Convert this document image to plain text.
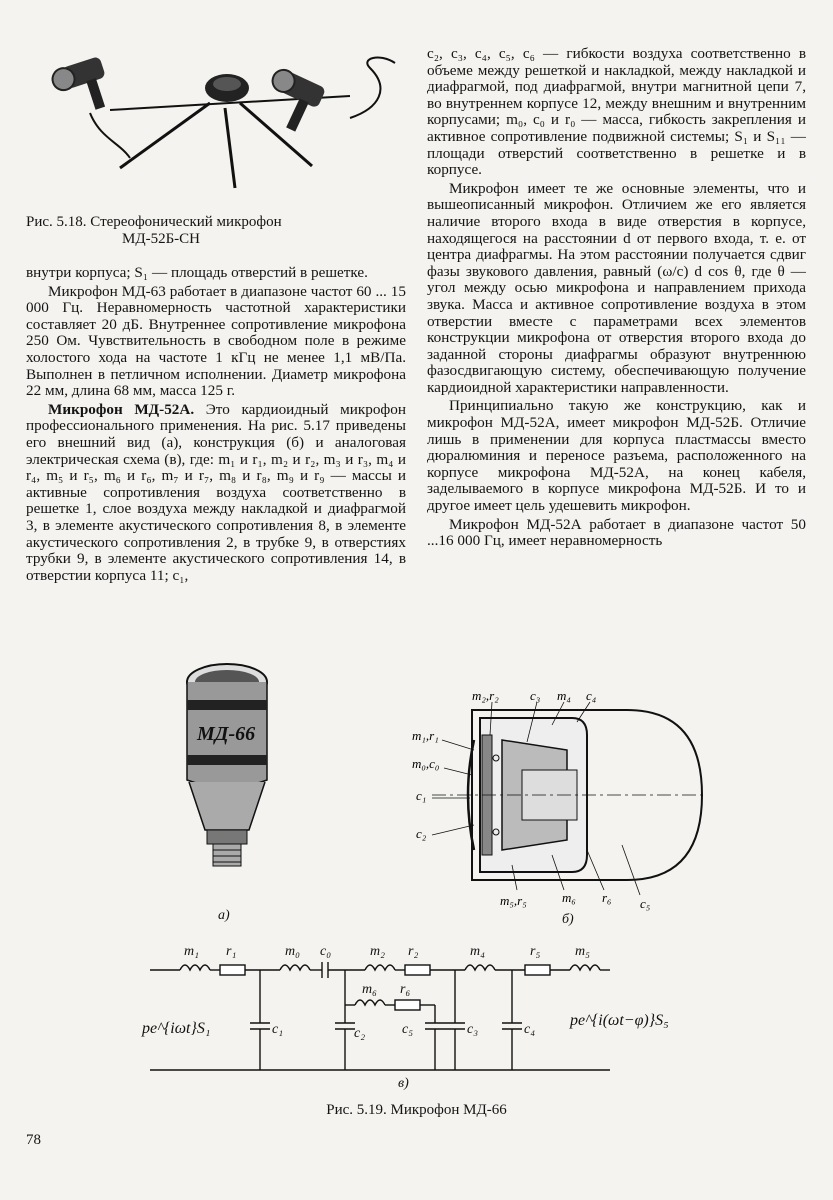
Рис. 5.18. Стереофонический микрофон
МД-52Б-СН

внутри корпуса; S₁ — площадь отверстий в решетке.

Микрофон МД-63 работает в диапазоне частот 60 ... 15 000 Гц. Неравномерность частотной характеристики составляет 20 дБ. Внутреннее сопротивление микрофона 250 Ом. Чувствительность в свободном поле в режиме холостого хода на частоте 1 кГц не менее 1,1 мВ/Па. Выполнен в петличном исполнении. Диаметр микрофона 22 мм, длина 68 мм, масса 125 г.

Микрофон МД-52А. Это кардиоидный микрофон профессионального применения. На рис. 5.17 приведены его внешний вид (а), конструкция (б) и аналоговая электрическая схема (в), где: m₁ и r₁, m₂ и r₂, m₃ и r₃, m₄ и r₄, m₅ и r₅, m₆ и r₆, m₇ и r₇, m₈ и r₈, m₉ и r₉ — массы и активные сопротивления воздуха соответственно в решетке 1, слое воздуха между накладкой и диафрагмой 3, в элементе акустического сопротивления 8, в элементе акустического сопротивления 2, в трубке 9, в отверстиях трубки 9, в элементе акустического сопротивления 14, в отверстии корпуса 11; c₁,

c₂, c₃, c₄, c₅, c₆ — гибкости воздуха соответственно в объеме между решеткой и накладкой, между накладкой и диафрагмой, под диафрагмой, внутри магнитной цепи 7, во внутреннем корпусе 12, между внешним и внутренним корпусами; m₀, c₀ и r₀ — масса, гибкость закрепления и активное сопротивление подвижной системы; S₁ и S₁₁ — площади отверстий соответственно в решетке и в корпусе.

Микрофон имеет те же основные элементы, что и вышеописанный микрофон. Отличием же его является наличие второго входа в виде отверстия в корпусе, находящегося на расстоянии d от первого входа, т. е. от центра диафрагмы. На этом расстоянии получается сдвиг фазы звукового давления, равный (ω/c) d cos θ, где θ — угол между осью микрофона и направлением прихода звука. Масса и активное сопротивление воздуха в этом отверстии вместе с параметрами всех элементов конструкции микрофона от отверстия второго входа до заданной стороны диафрагмы образуют внутреннюю фазосдвигающую систему, обеспечивающую получение кардиоидной характеристики направленности.

Принципиально такую же конструкцию, как и микрофон МД-52А, имеет микрофон МД-52Б. Отличие лишь в применении для корпуса пластмассы вместо дюралюминия и переносе разъема, расположенного на корпусе микрофона МД-52А, на конец кабеля, заделываемого в корпусе микрофона МД-52Б. И то и другое имеет цель удешевить микрофон.

Микрофон МД-52А работает в диапазоне частот 50 ...16 000 Гц, имеет неравномерность

МД-66
а)
m₂,r₂ c₃ m₄ c₄
m₁,r₁
m₀,c₀
c₁
c₂
m₅,r₅	m₆ r₆ c₅
б)
m₁ r₁	m₀ c₀	m₂ r₂	m₄	r₅ m₅
m₆ r₆
c₁	c₂	c₅	c₃	c₄
pe^{iωt}S₁	pe^{i(ωt−φ)}S₅
в)
Рис. 5.19. Микрофон МД-66
78
